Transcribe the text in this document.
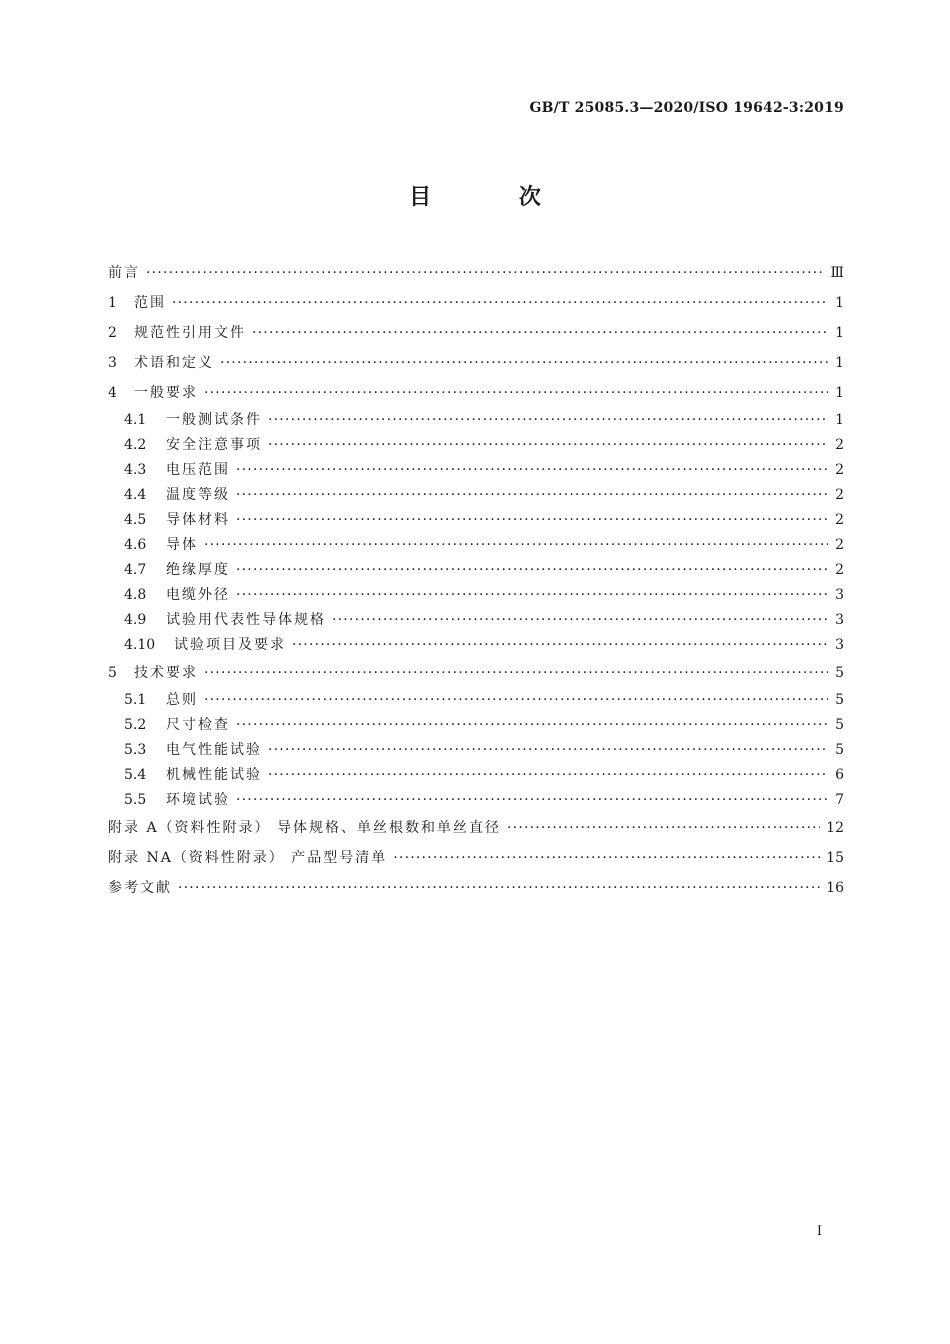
GB/T 25085.3—2020/ISO 19642-3:2019
目 次
前言 ·····	Ⅲ
1 范围 ·····	1
2 规范性引用文件 ·····	1
3 术语和定义 ·····	1
4 一般要求 ·····	1
4.1	一般测试条件 ·····	1
4.2	安全注意事项 ·····	2
4.3	电压范围 ·····	2
4.4	温度等级 ·····	2
4.5	导体材料 ·····	2
4.6	导体 ·····	2
4.7	绝缘厚度 ·····	2
4.8	电缆外径 ·····	3
4.9	试验用代表性导体规格 ·····	3
4.10	试验项目及要求 ·····	3
5 技术要求 ·····	5
5.1	总则 ·····	5
5.2	尺寸检查 ·····	5
5.3	电气性能试验 ·····	5
5.4	机械性能试验 ·····	6
5.5	环境试验 ·····	7
附录 A（资料性附录） 导体规格、单丝根数和单丝直径 ·····	12
附录 NA（资料性附录） 产品型号清单 ·····	15
参考文献 ·····	16
Ⅰ
